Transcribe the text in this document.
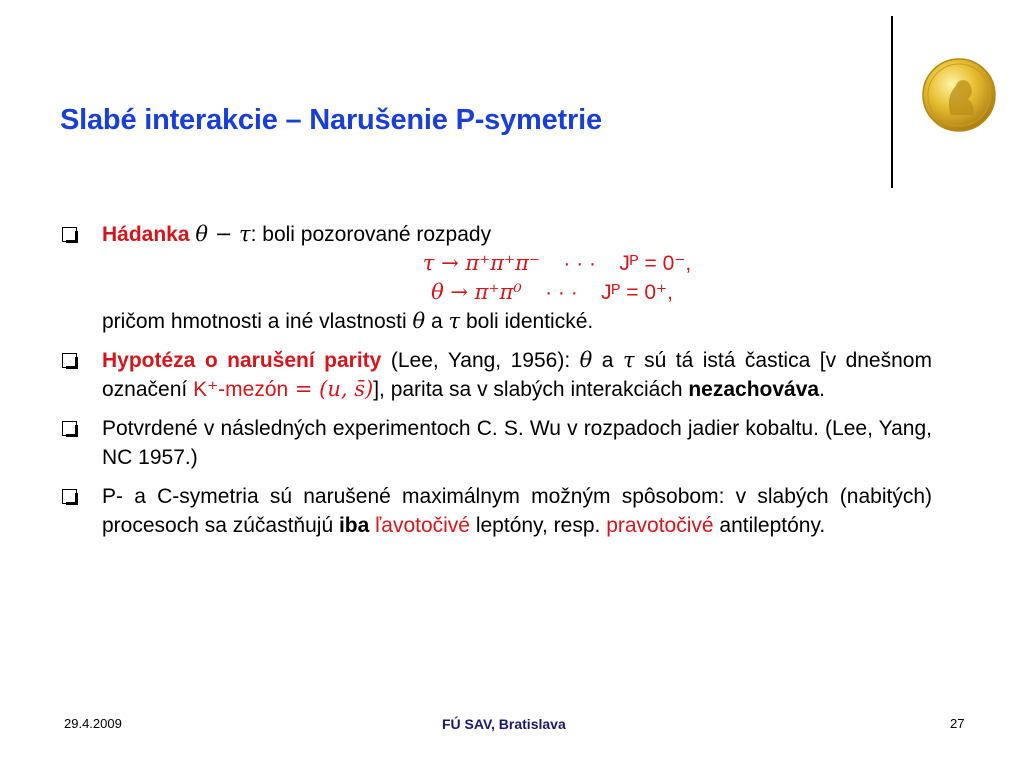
Slabé interakcie – Narušenie P-symetrie
Hádanka θ − τ: boli pozorované rozpady
τ → π⁺π⁺π⁻ · · · Jᴾ = 0⁻,
θ → π⁺π⁰ · · · Jᴾ = 0⁺,
pričom hmotnosti a iné vlastnosti θ a τ boli identické.
Hypotéza o narušení parity (Lee, Yang, 1956): θ a τ sú tá istá častica [v dnešnom označení K⁺-mezón = (u, s̄)], parita sa v slabých interakciách nezachováva.
Potvrdené v následných experimentoch C. S. Wu v rozpadoch jadier kobaltu. (Lee, Yang, NC 1957.)
P- a C-symetria sú narušené maximálnym možným spôsobom: v slabých (nabitých) procesoch sa zúčastňujú iba ľavotočivé leptóny, resp. pravotočivé antileptóny.
29.4.2009	FÚ SAV, Bratislava	27
